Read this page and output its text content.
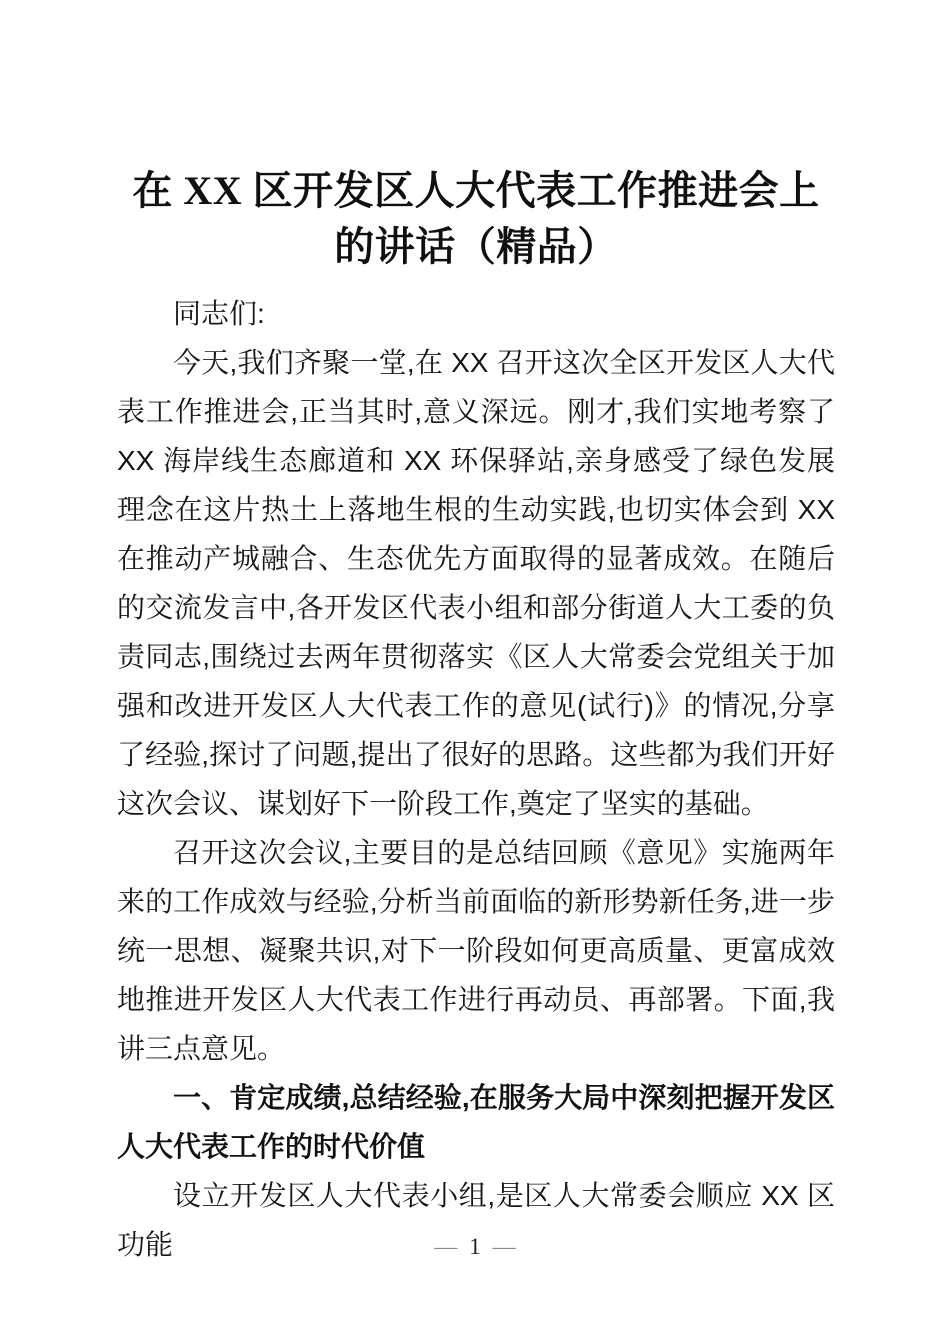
在 XX 区开发区人大代表工作推进会上的讲话（精品）

同志们:

今天,我们齐聚一堂,在 XX 召开这次全区开发区人大代表工作推进会,正当其时,意义深远。刚才,我们实地考察了 XX 海岸线生态廊道和 XX 环保驿站,亲身感受了绿色发展理念在这片热土上落地生根的生动实践,也切实体会到 XX 在推动产城融合、生态优先方面取得的显著成效。在随后的交流发言中,各开发区代表小组和部分街道人大工委的负责同志,围绕过去两年贯彻落实《区人大常委会党组关于加强和改进开发区人大代表工作的意见(试行)》的情况,分享了经验,探讨了问题,提出了很好的思路。这些都为我们开好这次会议、谋划好下一阶段工作,奠定了坚实的基础。

召开这次会议,主要目的是总结回顾《意见》实施两年来的工作成效与经验,分析当前面临的新形势新任务,进一步统一思想、凝聚共识,对下一阶段如何更高质量、更富成效地推进开发区人大代表工作进行再动员、再部署。下面,我讲三点意见。

一、肯定成绩,总结经验,在服务大局中深刻把握开发区人大代表工作的时代价值

设立开发区人大代表小组,是区人大常委会顺应 XX 区功能	— 1 —
